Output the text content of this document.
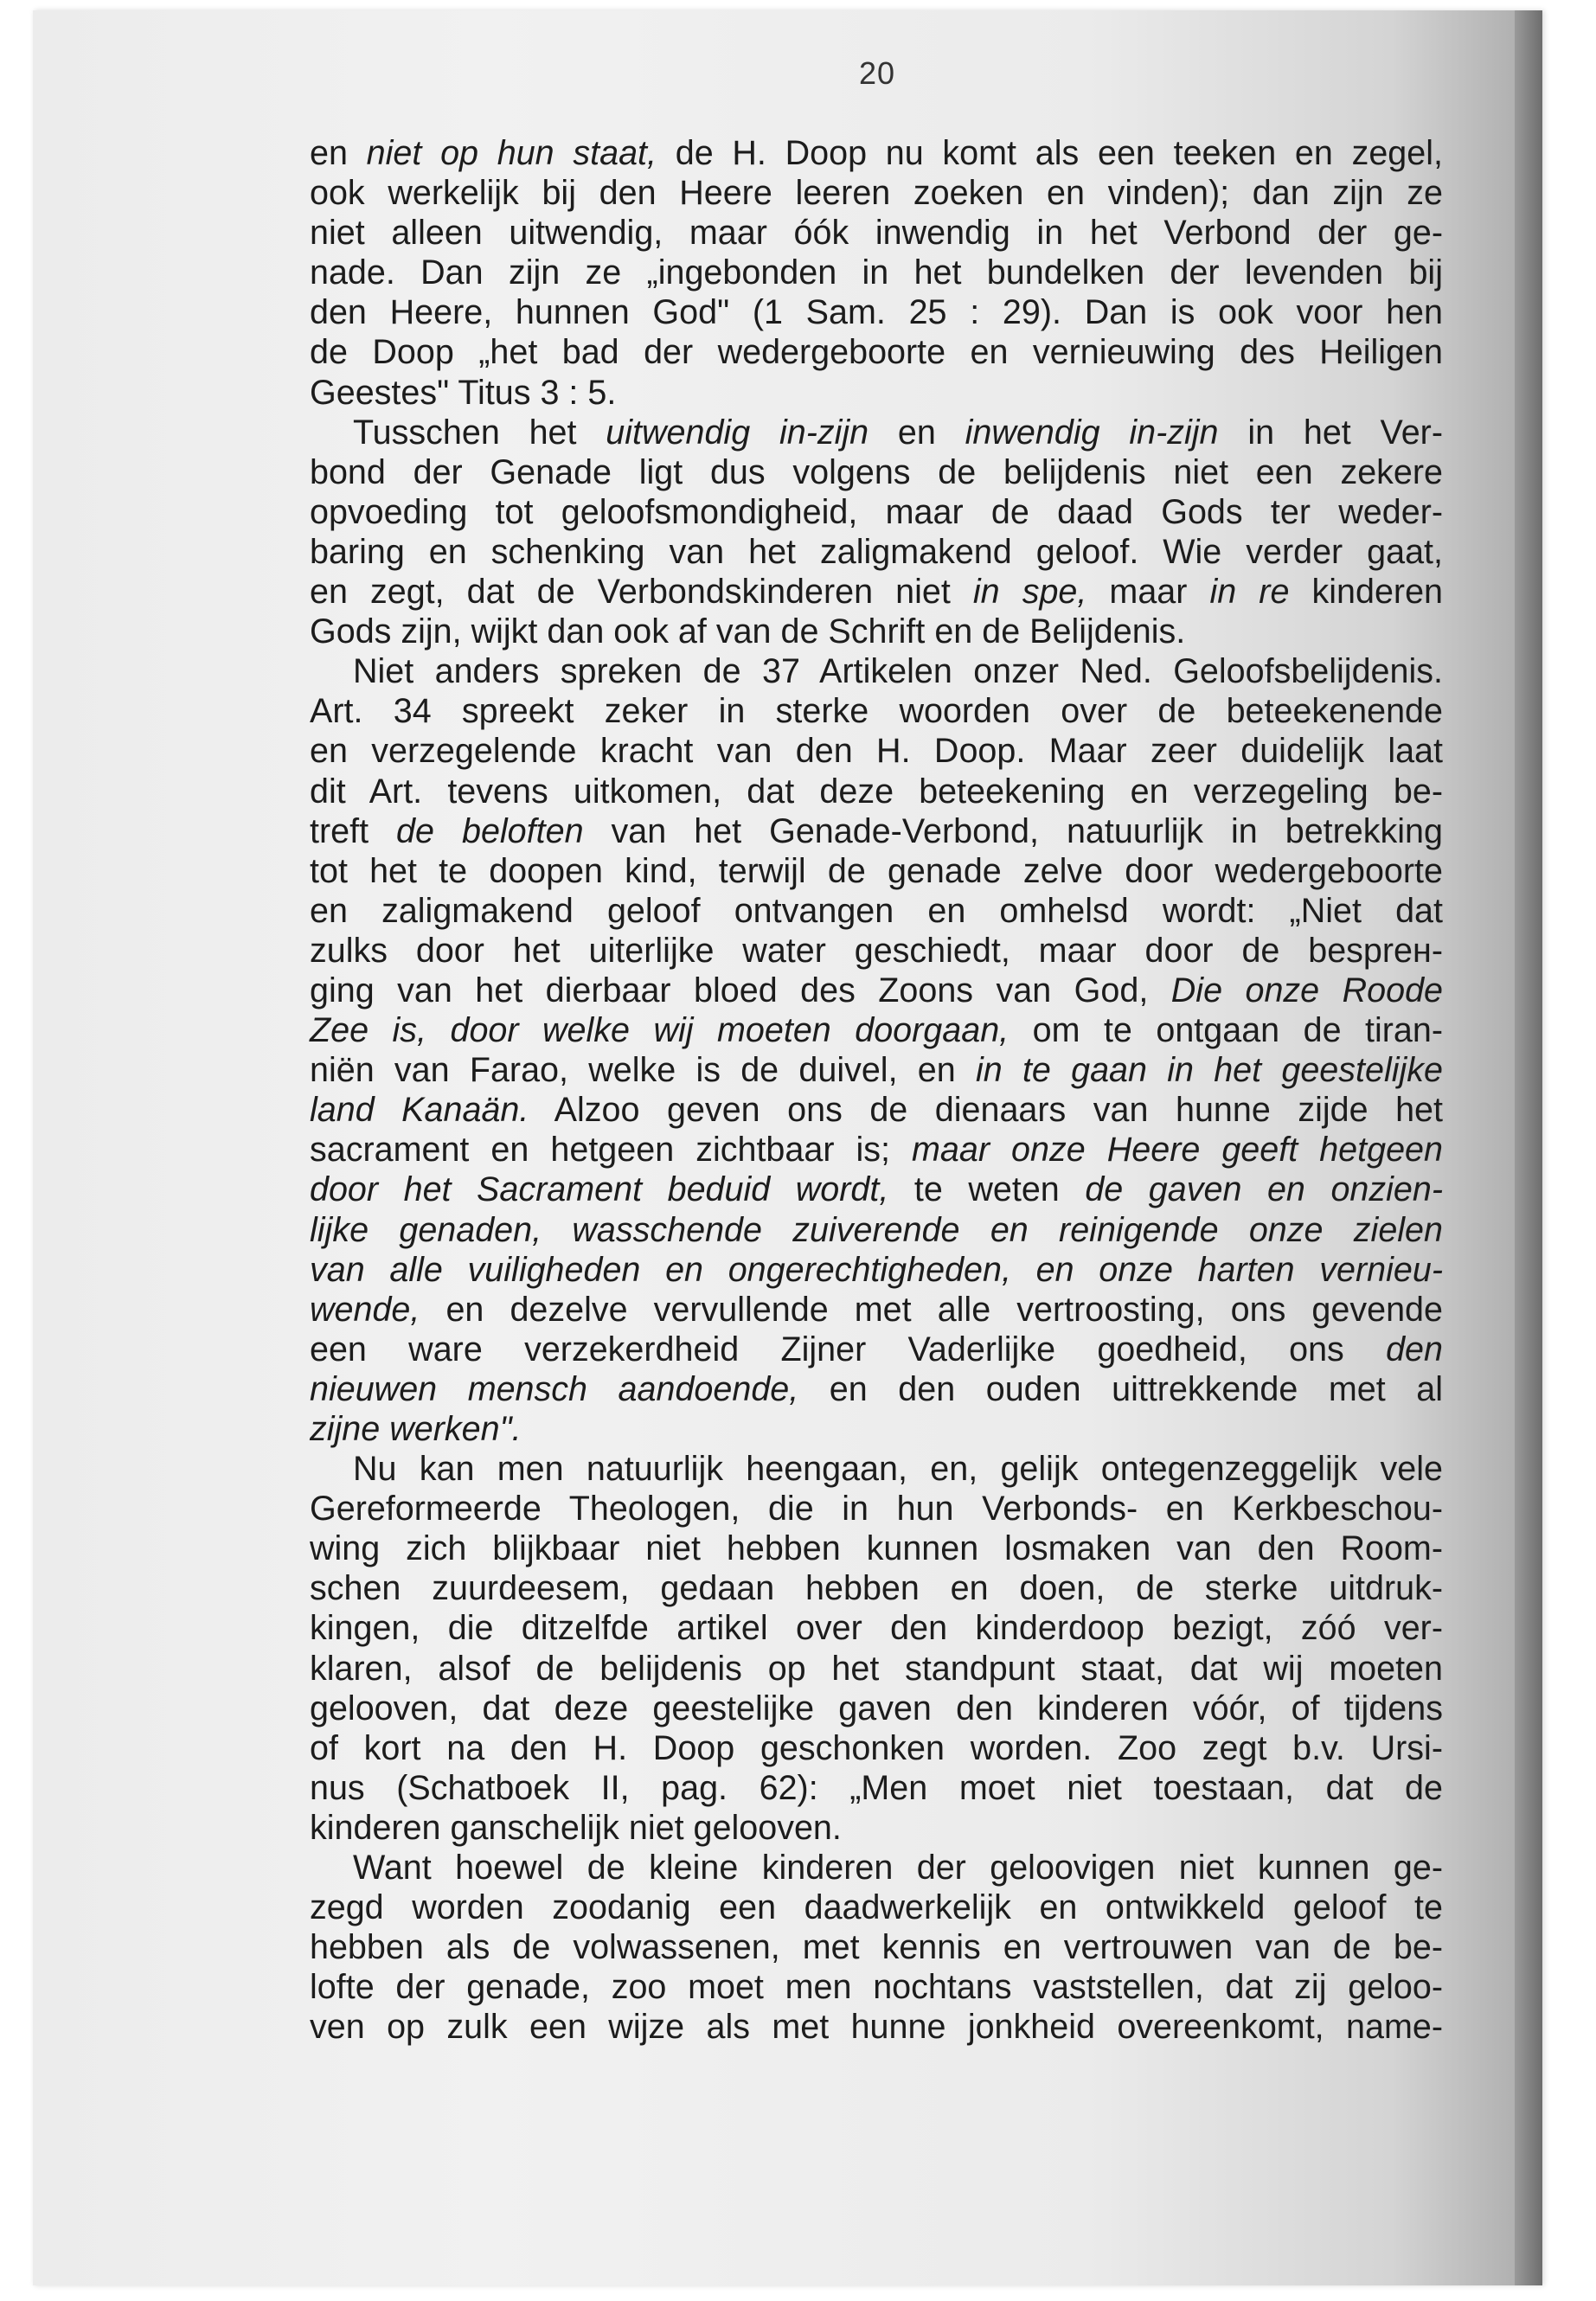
20
en niet op hun staat, de H. Doop nu komt als een teeken en zegel,
ook werkelijk bij den Heere leeren zoeken en vinden); dan zijn ze
niet alleen uitwendig, maar óók inwendig in het Verbond der ge-
nade. Dan zijn ze „ingebonden in het bundelken der levenden bij
den Heere, hunnen God" (1 Sam. 25 : 29). Dan is ook voor hen
de Doop „het bad der wedergeboorte en vernieuwing des Heiligen
Geestes" Titus 3 : 5.
Tusschen het uitwendig in-zijn en inwendig in-zijn in het Ver-
bond der Genade ligt dus volgens de belijdenis niet een zekere
opvoeding tot geloofsmondigheid, maar de daad Gods ter weder-
baring en schenking van het zaligmakend geloof. Wie verder gaat,
en zegt, dat de Verbondskinderen niet in spe, maar in re kinderen
Gods zijn, wijkt dan ook af van de Schrift en de Belijdenis.
Niet anders spreken de 37 Artikelen onzer Ned. Geloofsbelijdenis.
Art. 34 spreekt zeker in sterke woorden over de beteekenende
en verzegelende kracht van den H. Doop. Maar zeer duidelijk laat
dit Art. tevens uitkomen, dat deze beteekening en verzegeling be-
treft de beloften van het Genade-Verbond, natuurlijk in betrekking
tot het te doopen kind, terwijl de genade zelve door wedergeboorte
en zaligmakend geloof ontvangen en omhelsd wordt: „Niet dat
zulks door het uiterlijke water geschiedt, maar door de besprен-
ging van het dierbaar bloed des Zoons van God, Die onze Roode
Zee is, door welke wij moeten doorgaan, om te ontgaan de tiran-
niën van Farao, welke is de duivel, en in te gaan in het geestelijke
land Kanaän. Alzoo geven ons de dienaars van hunne zijde het
sacrament en hetgeen zichtbaar is; maar onze Heere geeft hetgeen
door het Sacrament beduid wordt, te weten de gaven en onzien-
lijke genaden, wasschende zuiverende en reinigende onze zielen
van alle vuiligheden en ongerechtigheden, en onze harten vernieu-
wende, en dezelve vervullende met alle vertroosting, ons gevende
een ware verzekerdheid Zijner Vaderlijke goedheid, ons den
nieuwen mensch aandoende, en den ouden uittrekkende met al
zijne werken".
Nu kan men natuurlijk heengaan, en, gelijk ontegenzeggelijk vele
Gereformeerde Theologen, die in hun Verbonds- en Kerkbeschou-
wing zich blijkbaar niet hebben kunnen losmaken van den Room-
schen zuurdeesem, gedaan hebben en doen, de sterke uitdruk-
kingen, die ditzelfde artikel over den kinderdoop bezigt, zóó ver-
klaren, alsof de belijdenis op het standpunt staat, dat wij moeten
gelooven, dat deze geestelijke gaven den kinderen vóór, of tijdens
of kort na den H. Doop geschonken worden. Zoo zegt b.v. Ursi-
nus (Schatboek II, pag. 62): „Men moet niet toestaan, dat de
kinderen ganschelijk niet gelooven.
Want hoewel de kleine kinderen der geloovigen niet kunnen ge-
zegd worden zoodanig een daadwerkelijk en ontwikkeld geloof te
hebben als de volwassenen, met kennis en vertrouwen van de be-
lofte der genade, zoo moet men nochtans vaststellen, dat zij geloo-
ven op zulk een wijze als met hunne jonkheid overeenkomt, name-
